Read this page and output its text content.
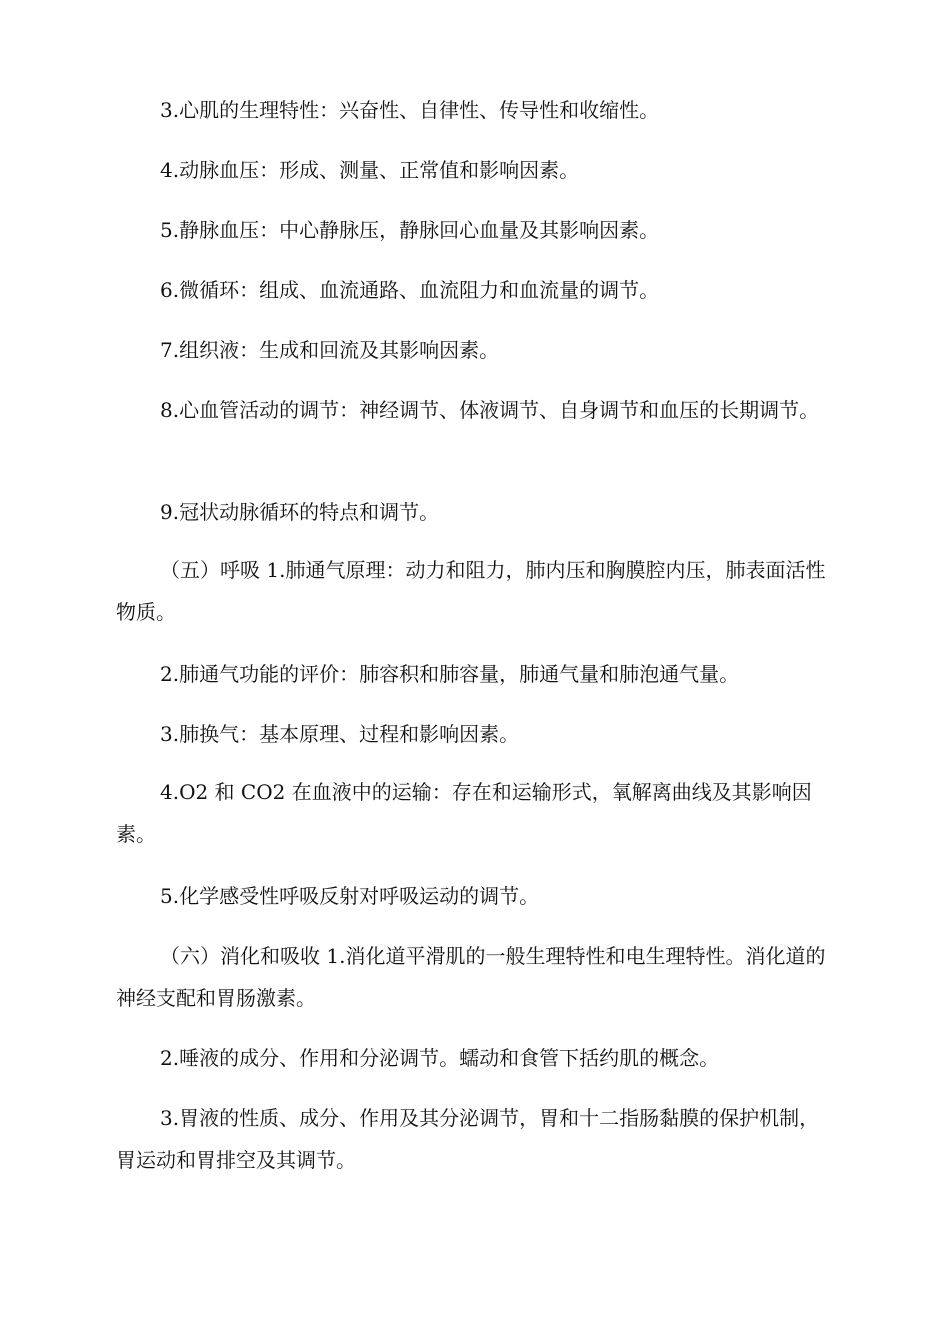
3.心肌的生理特性：兴奋性、自律性、传导性和收缩性。

4.动脉血压：形成、测量、正常值和影响因素。

5.静脉血压：中心静脉压，静脉回心血量及其影响因素。

6.微循环：组成、血流通路、血流阻力和血流量的调节。

7.组织液：生成和回流及其影响因素。

8.心血管活动的调节：神经调节、体液调节、自身调节和血压的长期调节。

9.冠状动脉循环的特点和调节。

（五）呼吸 1.肺通气原理：动力和阻力，肺内压和胸膜腔内压，肺表面活性物质。

2.肺通气功能的评价：肺容积和肺容量，肺通气量和肺泡通气量。

3.肺换气：基本原理、过程和影响因素。

4.O2 和 CO2 在血液中的运输：存在和运输形式，氧解离曲线及其影响因素。

5.化学感受性呼吸反射对呼吸运动的调节。

（六）消化和吸收 1.消化道平滑肌的一般生理特性和电生理特性。消化道的神经支配和胃肠激素。

2.唾液的成分、作用和分泌调节。蠕动和食管下括约肌的概念。

3.胃液的性质、成分、作用及其分泌调节，胃和十二指肠黏膜的保护机制，胃运动和胃排空及其调节。
